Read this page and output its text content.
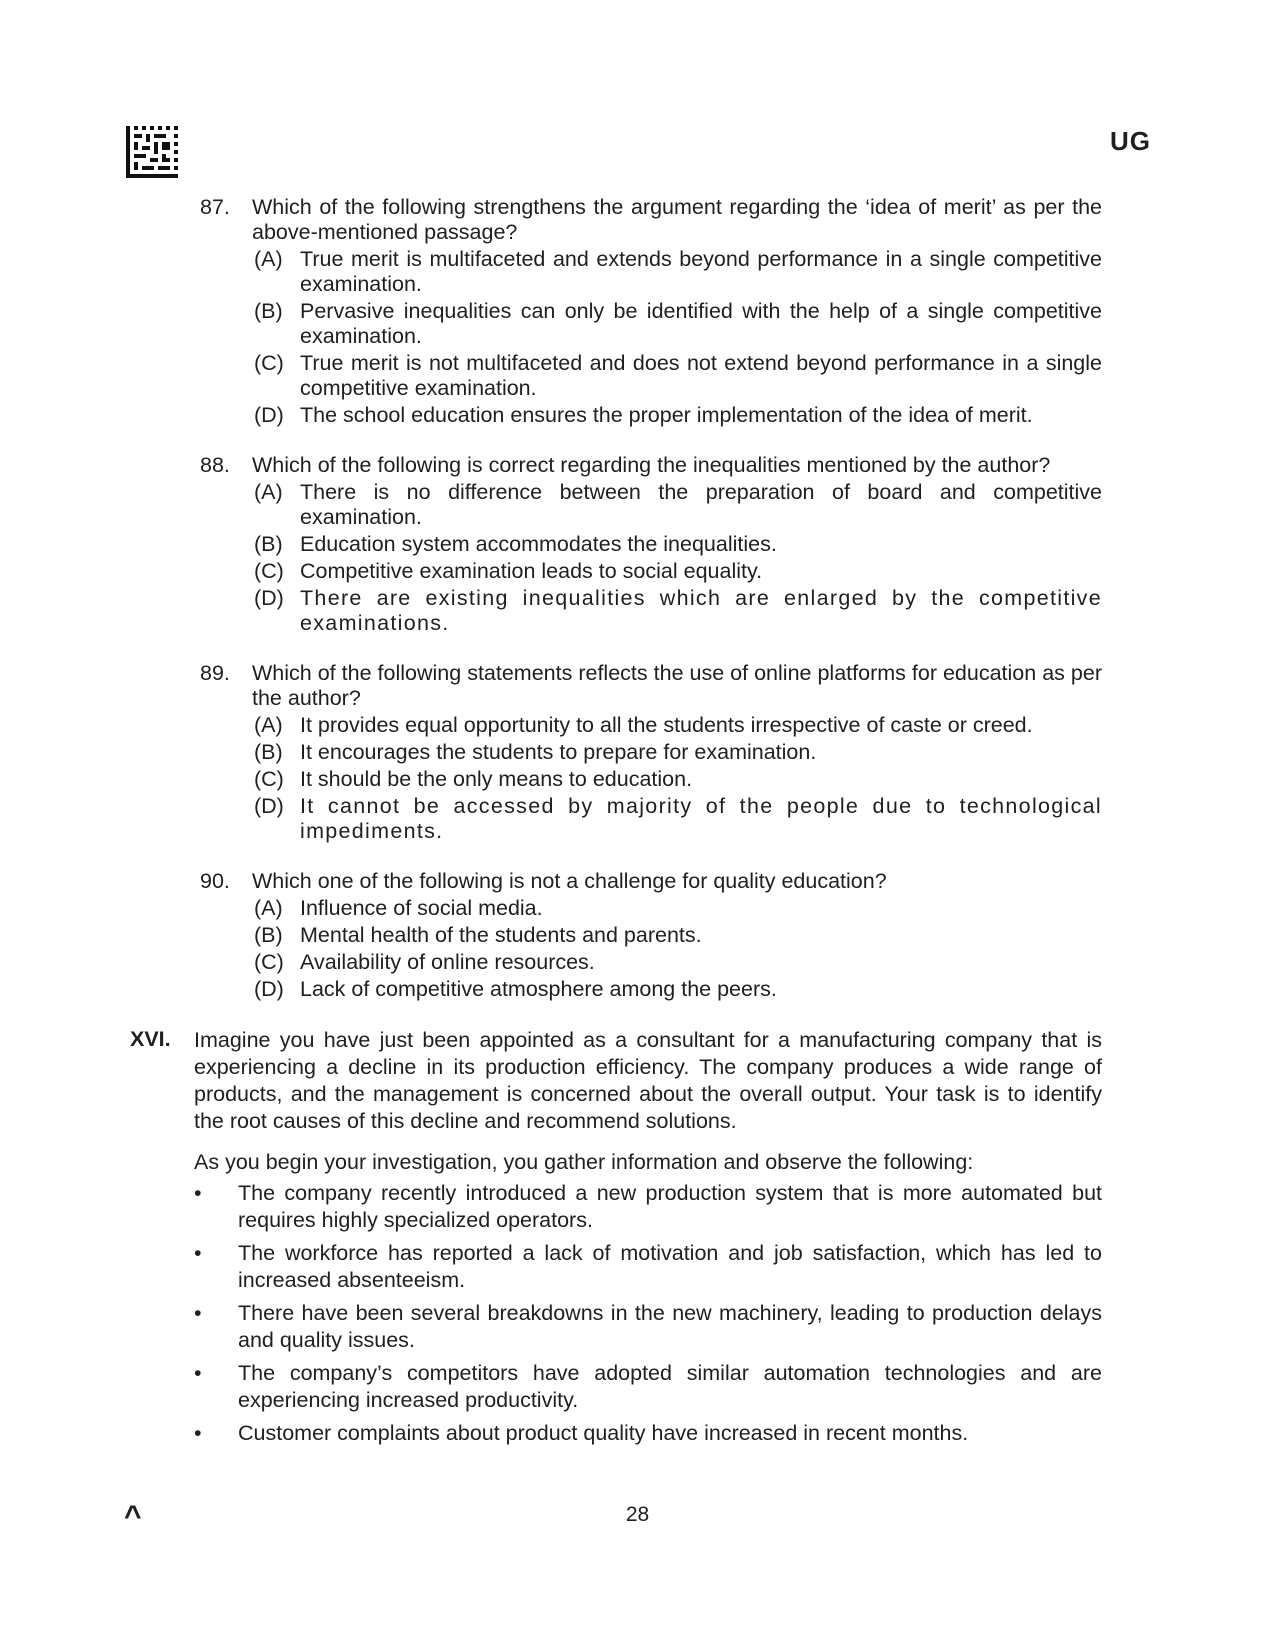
UG
87. Which of the following strengthens the argument regarding the ‘idea of merit’ as per the above-mentioned passage?
(A) True merit is multifaceted and extends beyond performance in a single competitive examination.
(B) Pervasive inequalities can only be identified with the help of a single competitive examination.
(C) True merit is not multifaceted and does not extend beyond performance in a single competitive examination.
(D) The school education ensures the proper implementation of the idea of merit.
88. Which of the following is correct regarding the inequalities mentioned by the author?
(A) There is no difference between the preparation of board and competitive examination.
(B) Education system accommodates the inequalities.
(C) Competitive examination leads to social equality.
(D) There are existing inequalities which are enlarged by the competitive examinations.
89. Which of the following statements reflects the use of online platforms for education as per the author?
(A) It provides equal opportunity to all the students irrespective of caste or creed.
(B) It encourages the students to prepare for examination.
(C) It should be the only means to education.
(D) It cannot be accessed by majority of the people due to technological impediments.
90. Which one of the following is not a challenge for quality education?
(A) Influence of social media.
(B) Mental health of the students and parents.
(C) Availability of online resources.
(D) Lack of competitive atmosphere among the peers.
XVI. Imagine you have just been appointed as a consultant for a manufacturing company that is experiencing a decline in its production efficiency. The company produces a wide range of products, and the management is concerned about the overall output. Your task is to identify the root causes of this decline and recommend solutions.
As you begin your investigation, you gather information and observe the following:
• The company recently introduced a new production system that is more automated but requires highly specialized operators.
• The workforce has reported a lack of motivation and job satisfaction, which has led to increased absenteeism.
• There have been several breakdowns in the new machinery, leading to production delays and quality issues.
• The company’s competitors have adopted similar automation technologies and are experiencing increased productivity.
• Customer complaints about product quality have increased in recent months.
^	28
